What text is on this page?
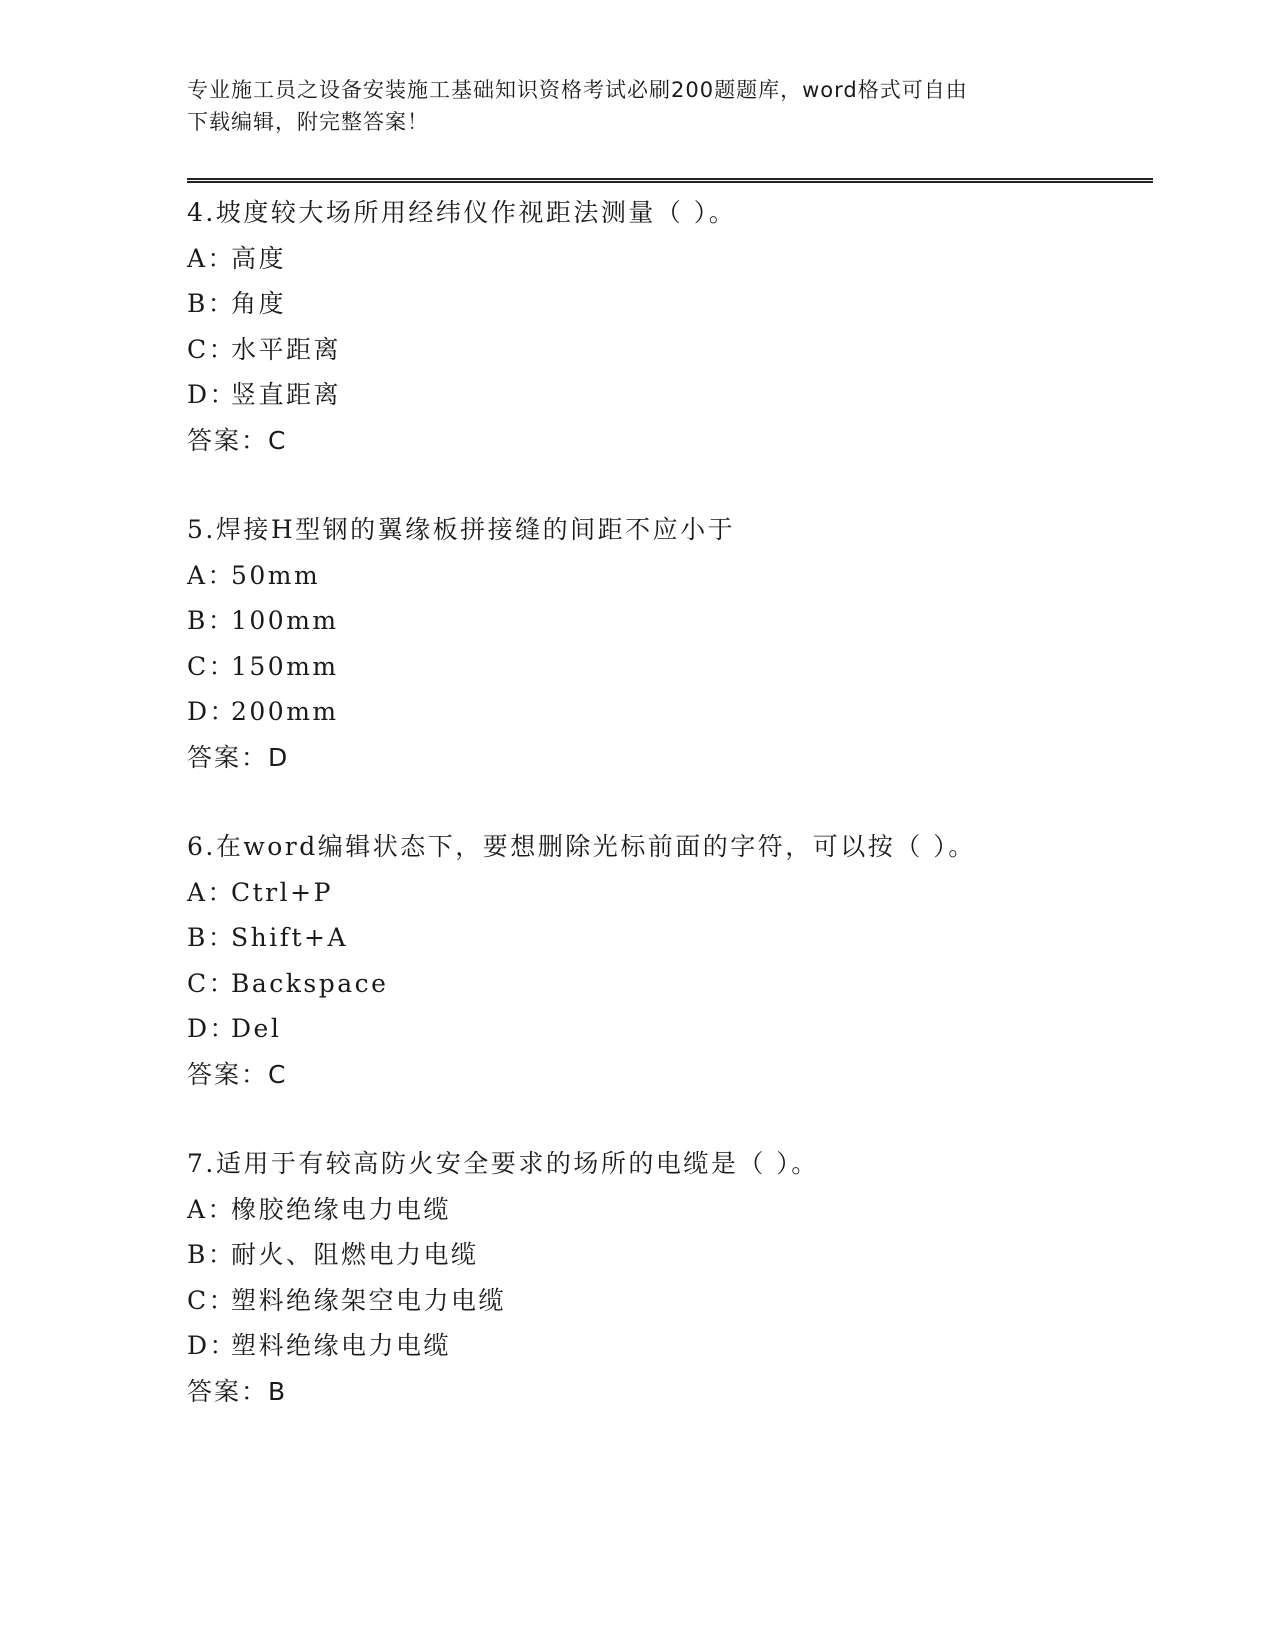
专业施工员之设备安装施工基础知识资格考试必刷200题题库，word格式可自由
下载编辑，附完整答案！
4.坡度较大场所用经纬仪作视距法测量（ ）。
A：高度
B：角度
C：水平距离
D：竖直距离
答案：C
5.焊接H型钢的翼缘板拼接缝的间距不应小于
A：50mm
B：100mm
C：150mm
D：200mm
答案：D
6.在word编辑状态下，要想删除光标前面的字符，可以按（ ）。
A：Ctrl+P
B：Shift+A
C：Backspace
D：Del
答案：C
7.适用于有较高防火安全要求的场所的电缆是（ ）。
A：橡胶绝缘电力电缆
B：耐火、阻燃电力电缆
C：塑料绝缘架空电力电缆
D：塑料绝缘电力电缆
答案：B
